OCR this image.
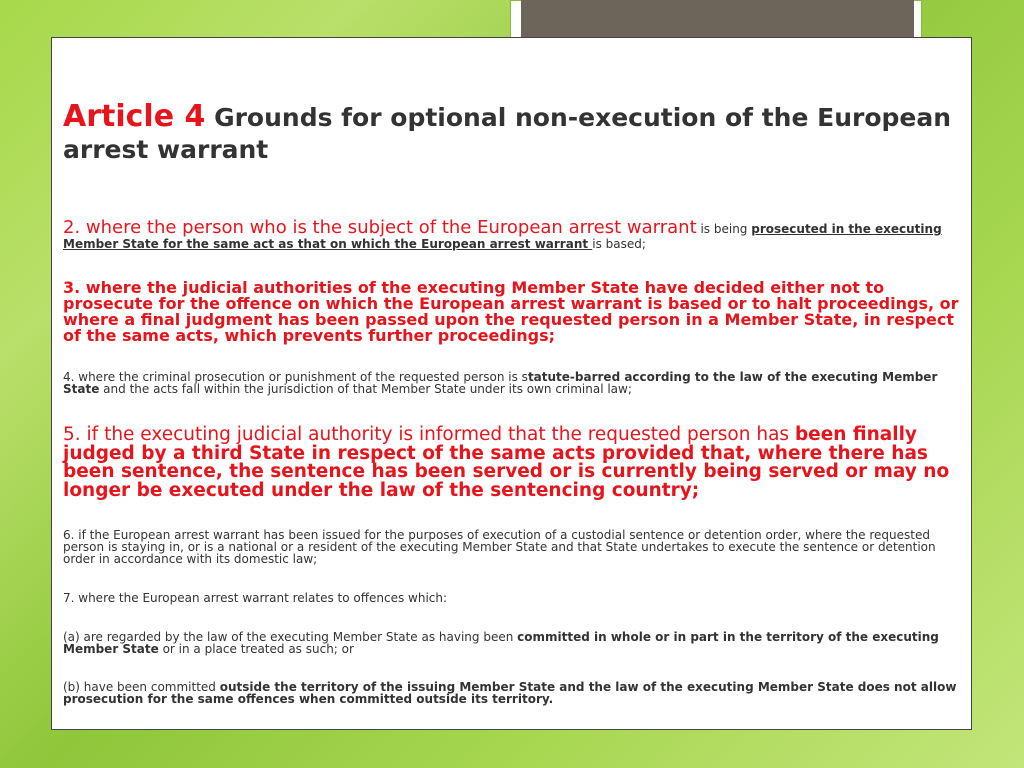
Article 4 Grounds for optional non-execution of the European arrest warrant

2. where the person who is the subject of the European arrest warrant is being prosecuted in the executing Member State for the same act as that on which the European arrest warrant is based;

3. where the judicial authorities of the executing Member State have decided either not to prosecute for the offence on which the European arrest warrant is based or to halt proceedings, or where a final judgment has been passed upon the requested person in a Member State, in respect of the same acts, which prevents further proceedings;

4. where the criminal prosecution or punishment of the requested person is statute-barred according to the law of the executing Member State and the acts fall within the jurisdiction of that Member State under its own criminal law;

5. if the executing judicial authority is informed that the requested person has been finally judged by a third State in respect of the same acts provided that, where there has been sentence, the sentence has been served or is currently being served or may no longer be executed under the law of the sentencing country;

6. if the European arrest warrant has been issued for the purposes of execution of a custodial sentence or detention order, where the requested person is staying in, or is a national or a resident of the executing Member State and that State undertakes to execute the sentence or detention order in accordance with its domestic law;

7. where the European arrest warrant relates to offences which:

(a) are regarded by the law of the executing Member State as having been committed in whole or in part in the territory of the executing Member State or in a place treated as such; or

(b) have been committed outside the territory of the issuing Member State and the law of the executing Member State does not allow prosecution for the same offences when committed outside its territory.
